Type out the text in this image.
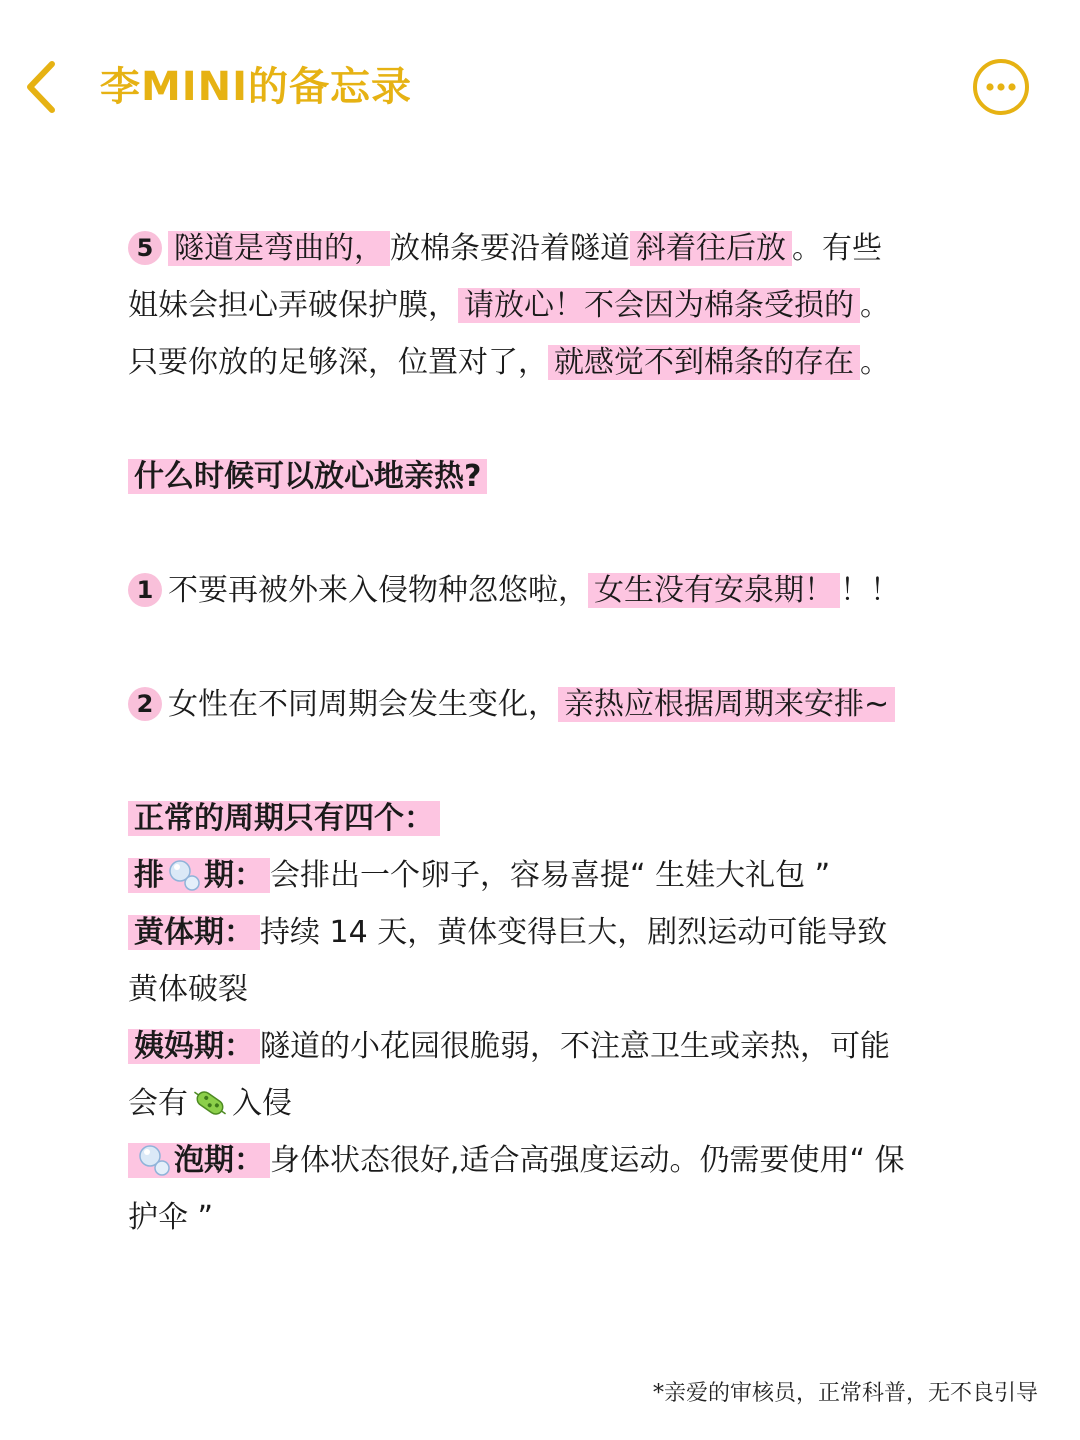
李MINI的备忘录
5 隧道是弯曲的， 放棉条要沿着隧道 斜着往后放 。有些
姐妹会担心弄破保护膜， 请放心！不会因为棉条受损的 。
只要你放的足够深，位置对了， 就感觉不到棉条的存在 。
什么时候可以放心地亲热?
1 不要再被外来入侵物种忽悠啦， 女生没有安泉期！ ！！
2 女性在不同周期会发生变化， 亲热应根据周期来安排~
正常的周期只有四个：
排 期： 会排出一个卵子，容易喜提“ 生娃大礼包 ”
黄体期： 持续 14 天，黄体变得巨大，剧烈运动可能导致
黄体破裂
姨妈期： 隧道的小花园很脆弱，不注意卫生或亲热，可能
会有 入侵
泡期： 身体状态很好,适合高强度运动。仍需要使用“ 保
护伞 ”
*亲爱的审核员，正常科普，无不良引导
